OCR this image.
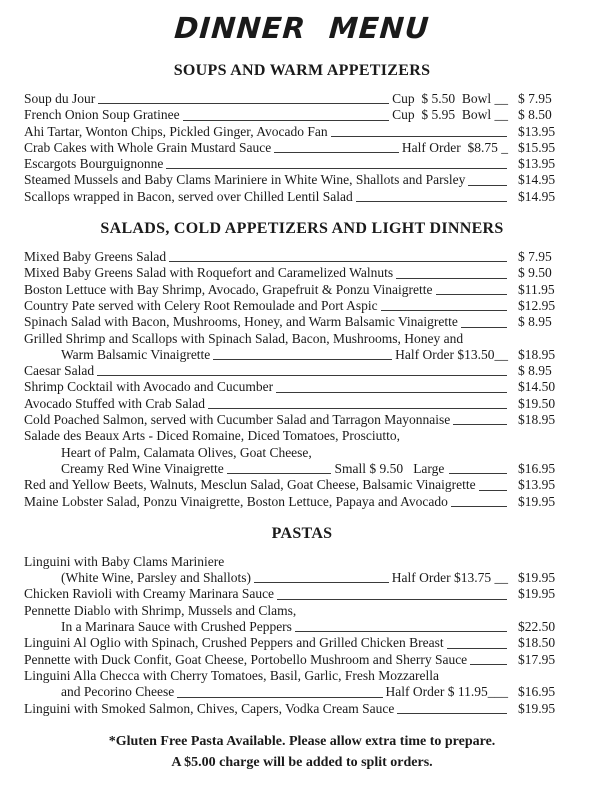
DINNER MENU
SOUPS AND WARM APPETIZERS
Soup du Jour	Cup  $ 5.50  Bowl __ $ 7.95
French Onion Soup Gratinee	Cup  $ 5.95  Bowl __ $ 8.50
Ahi Tartar, Wonton Chips, Pickled Ginger, Avocado Fan	$13.95
Crab Cakes with Whole Grain Mustard Sauce	Half Order  $8.75 _ $15.95
Escargots Bourguignonne	$13.95
Steamed Mussels and Baby Clams Mariniere in White Wine, Shallots and Parsley	$14.95
Scallops wrapped in Bacon, served over Chilled Lentil Salad	$14.95
SALADS, COLD APPETIZERS AND LIGHT DINNERS
Mixed Baby Greens Salad	$ 7.95
Mixed Baby Greens Salad with Roquefort and Caramelized Walnuts	$ 9.50
Boston Lettuce with Bay Shrimp, Avocado, Grapefruit & Ponzu Vinaigrette	$11.95
Country Pate served with Celery Root Remoulade and Port Aspic	$12.95
Spinach Salad with Bacon, Mushrooms, Honey, and Warm Balsamic Vinaigrette	$ 8.95
Grilled Shrimp and Scallops with Spinach Salad, Bacon, Mushrooms, Honey and
Warm Balsamic Vinaigrette	Half Order $13.50__ $18.95
Caesar Salad	$ 8.95
Shrimp Cocktail with Avocado and Cucumber	$14.50
Avocado Stuffed with Crab Salad	$19.50
Cold Poached Salmon, served with Cucumber Salad and Tarragon Mayonnaise	$18.95
Salade des Beaux Arts - Diced Romaine, Diced Tomatoes, Prosciutto,
Heart of Palm, Calamata Olives, Goat Cheese,
Creamy Red Wine Vinaigrette	Small $ 9.50   Large	$16.95
Red and Yellow Beets, Walnuts, Mesclun Salad, Goat Cheese, Balsamic Vinaigrette	$13.95
Maine Lobster Salad, Ponzu Vinaigrette, Boston Lettuce, Papaya and Avocado	$19.95
PASTAS
Linguini with Baby Clams Mariniere
(White Wine, Parsley and Shallots)	Half Order $13.75 __ $19.95
Chicken Ravioli with Creamy Marinara Sauce	$19.95
Pennette Diablo with Shrimp, Mussels and Clams,
In a Marinara Sauce with Crushed Peppers	$22.50
Linguini Al Oglio with Spinach, Crushed Peppers and Grilled Chicken Breast	$18.50
Pennette with Duck Confit, Goat Cheese, Portobello Mushroom and Sherry Sauce	$17.95
Linguini Alla Checca with Cherry Tomatoes, Basil, Garlic, Fresh Mozzarella
and Pecorino Cheese	Half Order $ 11.95___ $16.95
Linguini with Smoked Salmon, Chives, Capers, Vodka Cream Sauce	$19.95
*Gluten Free Pasta Available. Please allow extra time to prepare.
A $5.00 charge will be added to split orders.
